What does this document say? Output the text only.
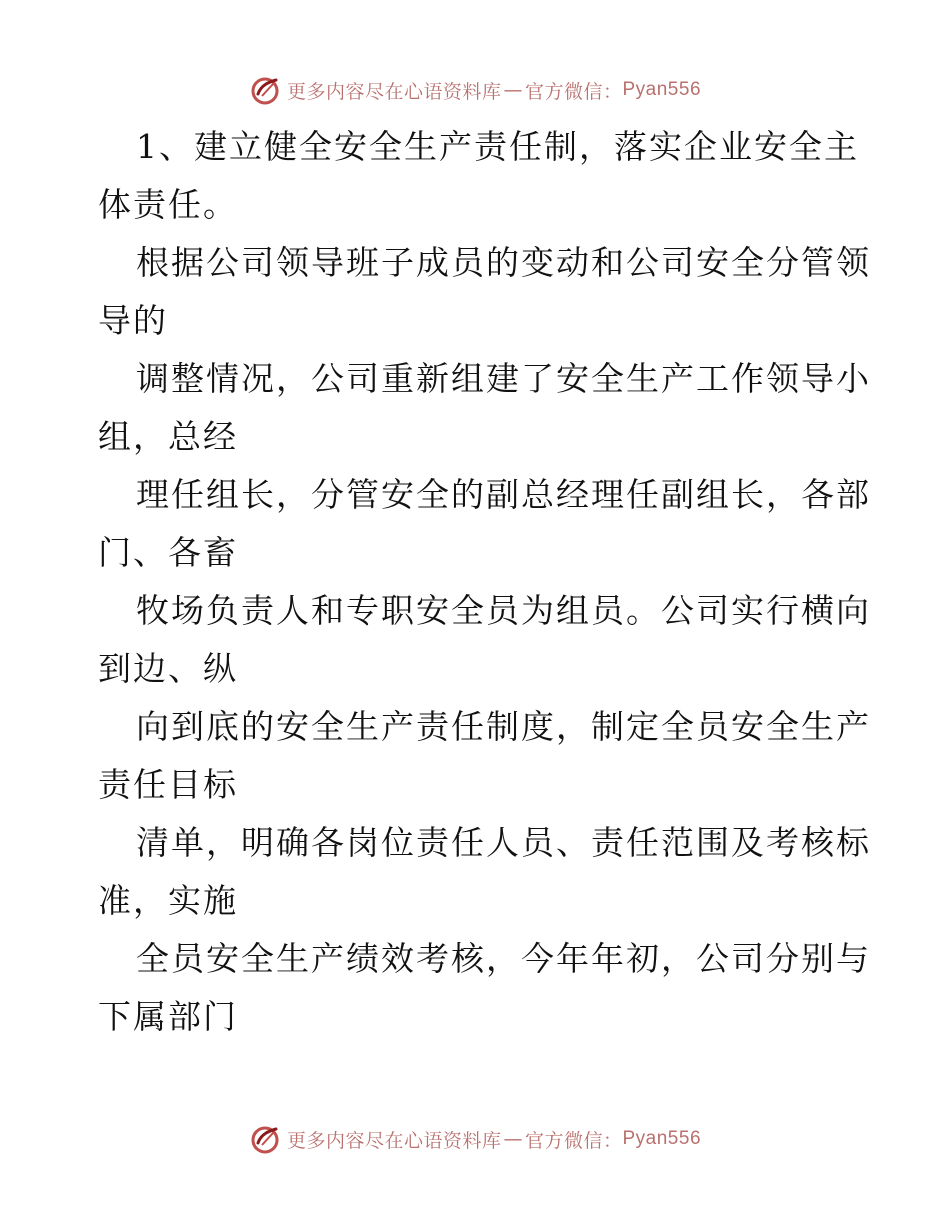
更多内容尽在心语资料库 — 官方微信： Pyan556
1、建立健全安全生产责任制，落实企业安全主
体责任。
根据公司领导班子成员的变动和公司安全分管领
导的
调整情况，公司重新组建了安全生产工作领导小
组，总经
理任组长，分管安全的副总经理任副组长，各部
门、各畜
牧场负责人和专职安全员为组员。公司实行横向
到边、纵
向到底的安全生产责任制度，制定全员安全生产
责任目标
清单，明确各岗位责任人员、责任范围及考核标
准，实施
全员安全生产绩效考核，今年年初，公司分别与
下属部门
更多内容尽在心语资料库 — 官方微信： Pyan556
